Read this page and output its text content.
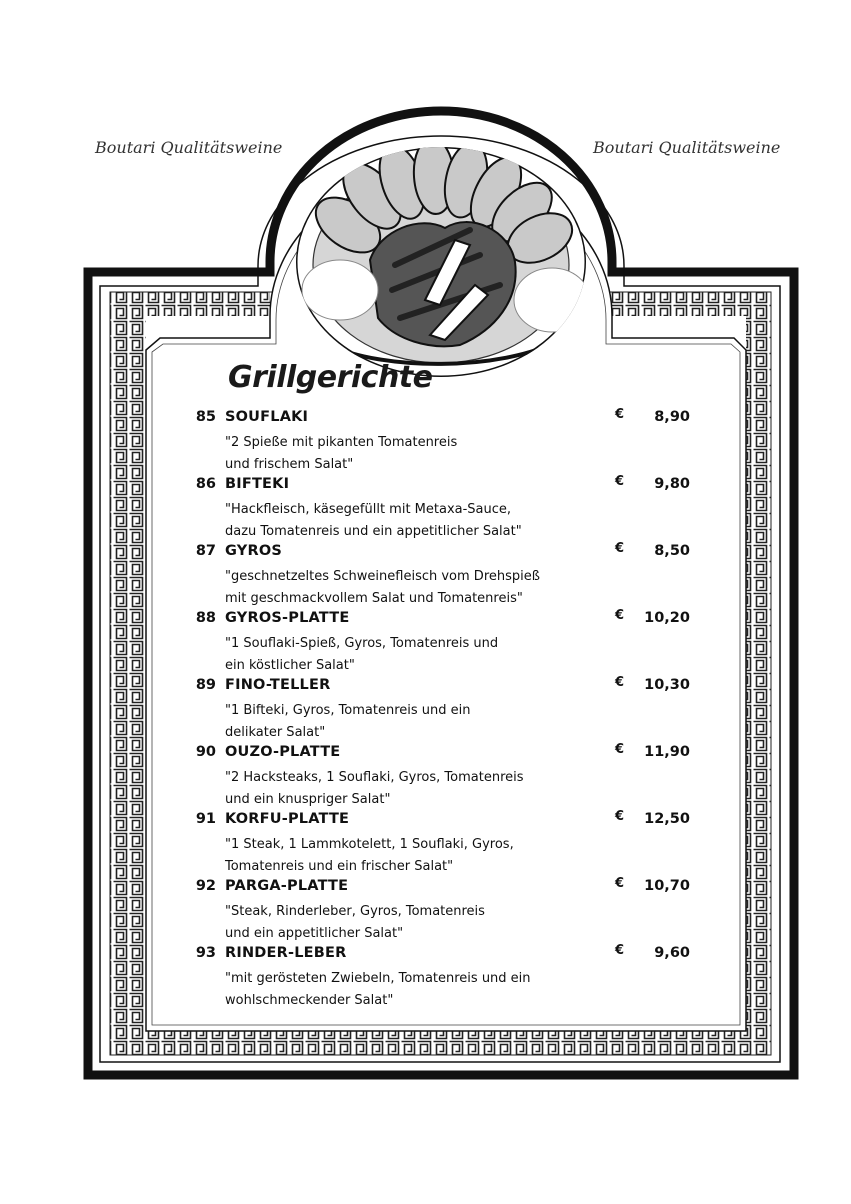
Boutari Qualitätsweine	Boutari Qualitätsweine
Grillgerichte
85 SOUFLAKI	€	8,90
"2 Spieße mit pikanten Tomatenreis
und frischem Salat"
86 BIFTEKI	€	9,80
"Hackfleisch, käsegefüllt mit Metaxa-Sauce,
dazu Tomatenreis und ein appetitlicher Salat"
87 GYROS	€	8,50
"geschnetzeltes Schweinefleisch vom Drehspieß
mit geschmackvollem Salat und Tomatenreis"
88 GYROS-PLATTE	€	10,20
"1 Souflaki-Spieß, Gyros, Tomatenreis und
ein köstlicher Salat"
89 FINO-TELLER	€	10,30
"1 Bifteki, Gyros, Tomatenreis und ein
delikater Salat"
90 OUZO-PLATTE	€	11,90
"2 Hacksteaks, 1 Souflaki, Gyros, Tomatenreis
und ein knuspriger Salat"
91 KORFU-PLATTE	€	12,50
"1 Steak, 1 Lammkotelett, 1 Souflaki, Gyros,
Tomatenreis und ein frischer Salat"
92 PARGA-PLATTE	€	10,70
"Steak, Rinderleber, Gyros, Tomatenreis
und ein appetitlicher Salat"
93 RINDER-LEBER	€	9,60
"mit gerösteten Zwiebeln, Tomatenreis und ein
wohlschmeckender Salat"
